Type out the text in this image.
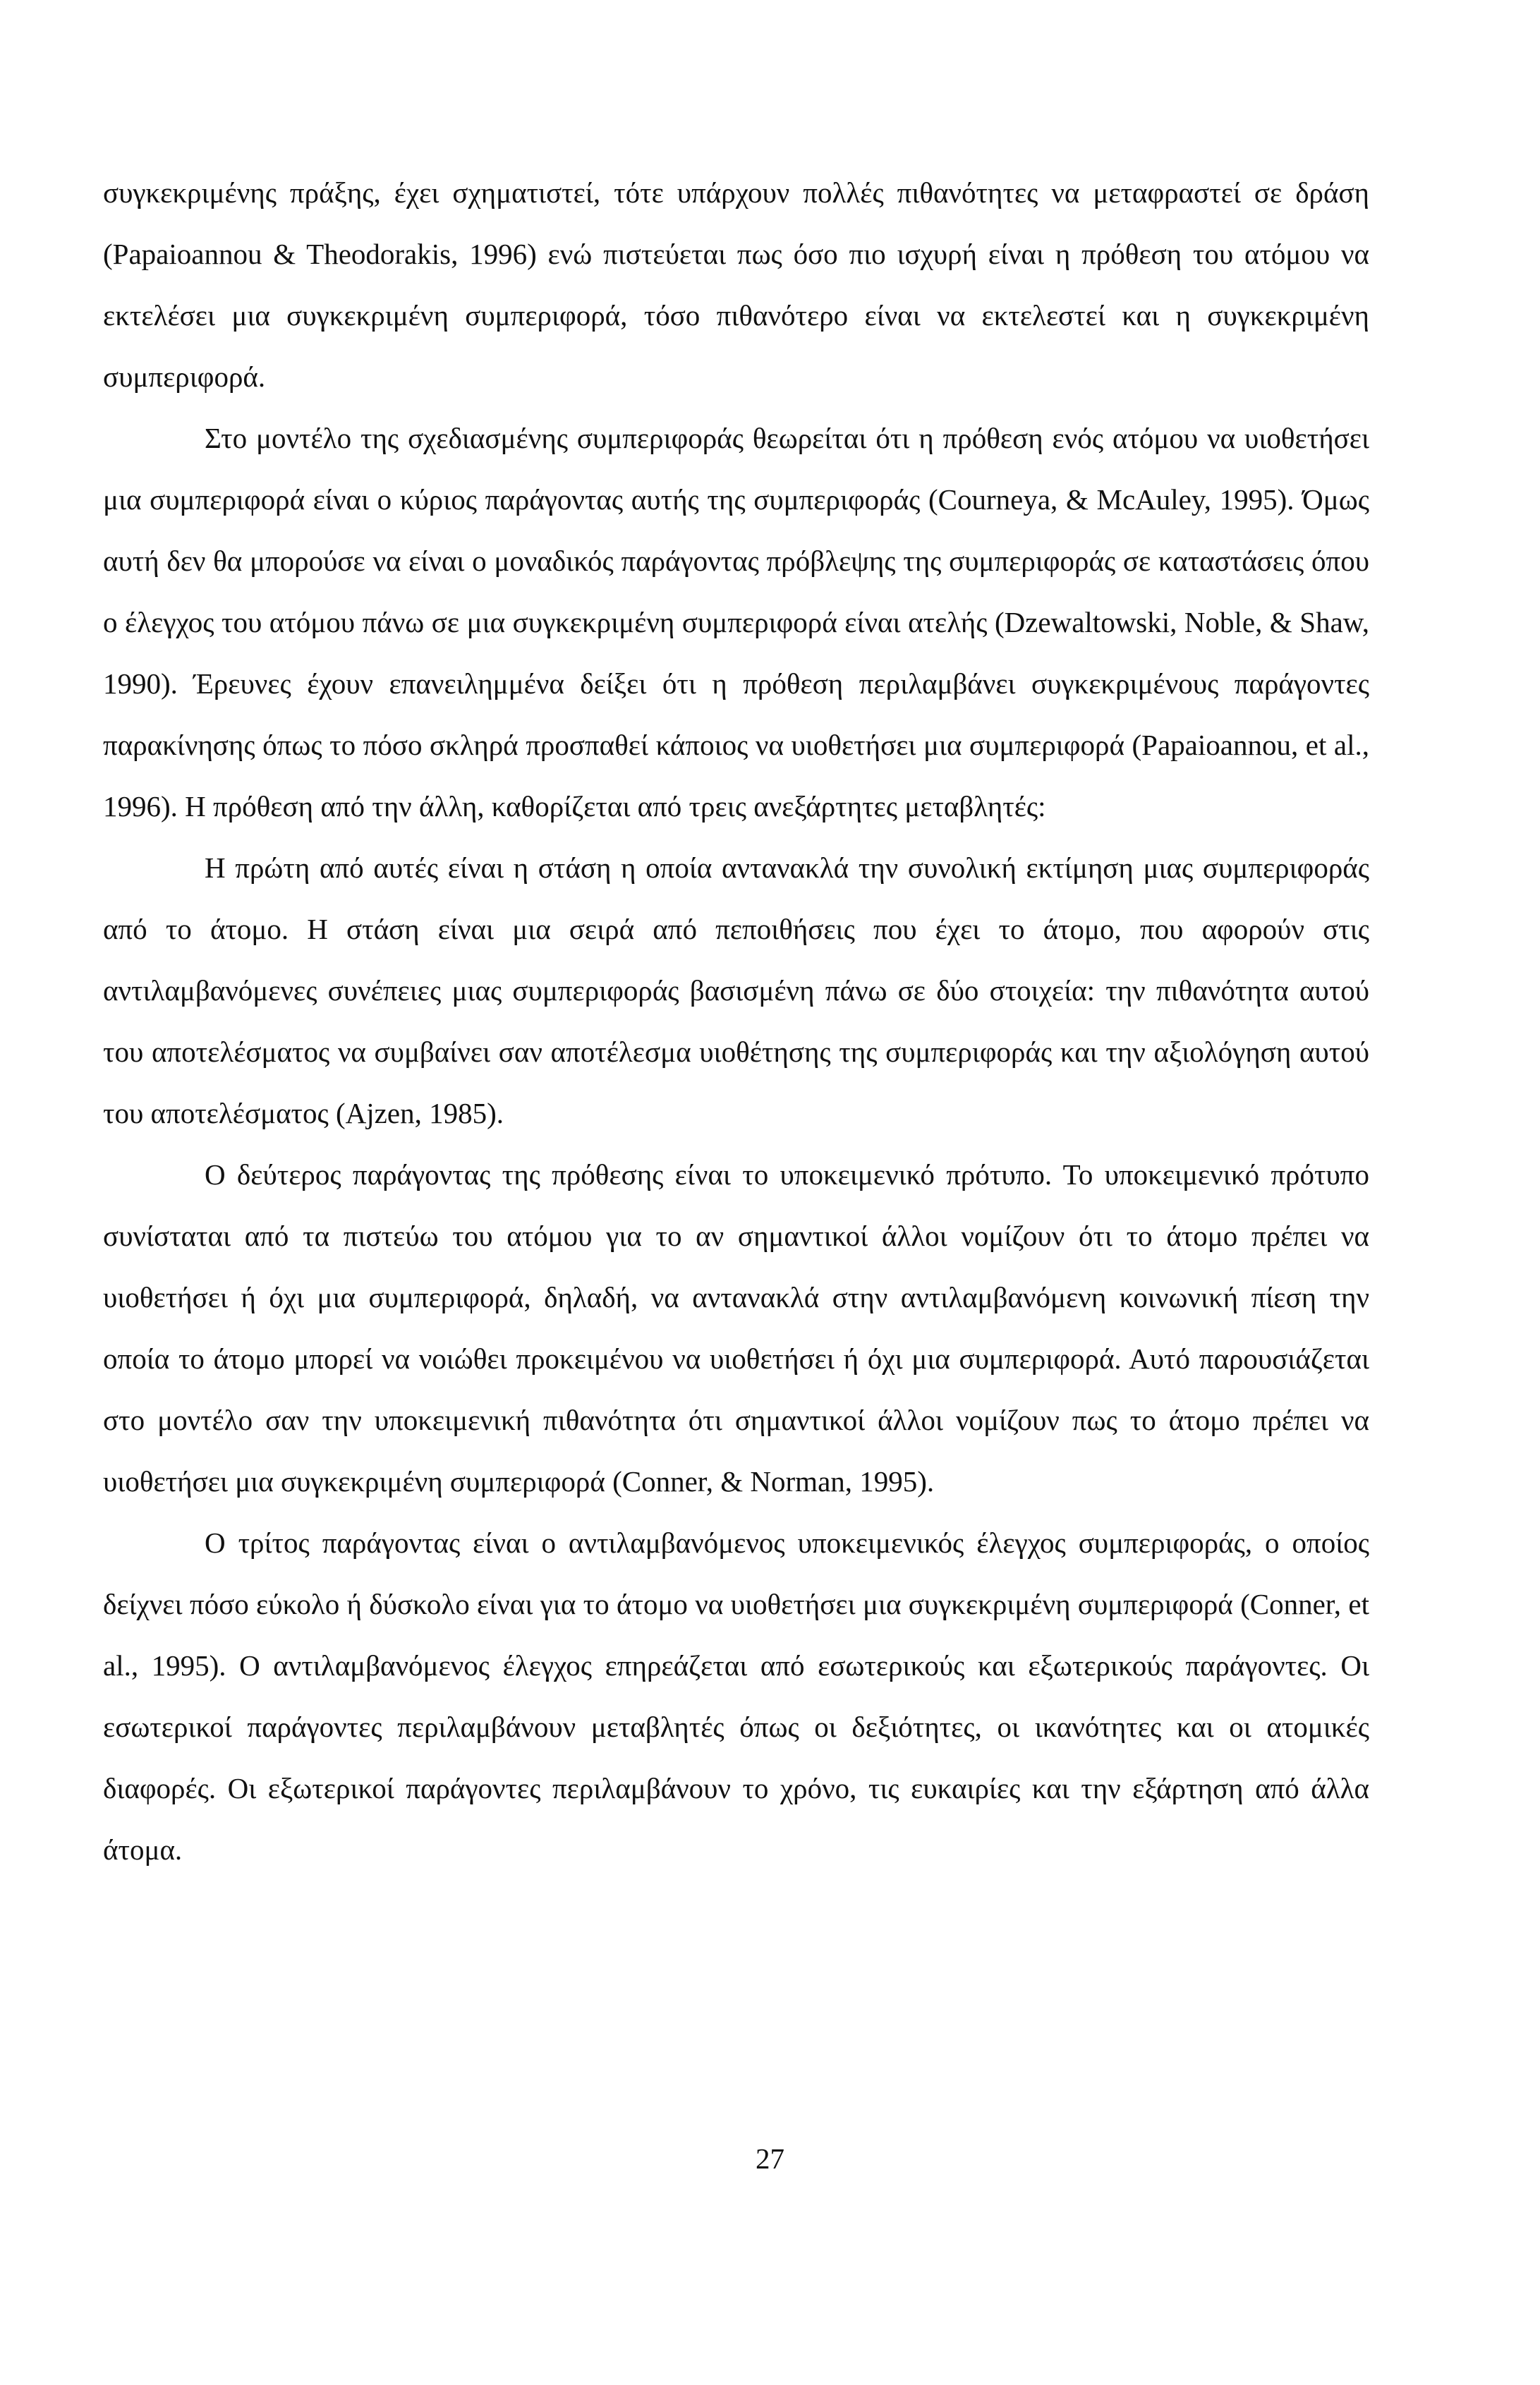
συγκεκριμένης πράξης, έχει σχηματιστεί, τότε υπάρχουν πολλές πιθανότητες να μεταφραστεί σε δράση (Papaioannou & Theodorakis, 1996) ενώ πιστεύεται πως όσο πιο ισχυρή είναι η πρόθεση του ατόμου να εκτελέσει μια συγκεκριμένη συμπεριφορά, τόσο πιθανότερο είναι να εκτελεστεί και η συγκεκριμένη συμπεριφορά.

Στο μοντέλο της σχεδιασμένης συμπεριφοράς θεωρείται ότι η πρόθεση ενός ατόμου να υιοθετήσει μια συμπεριφορά είναι ο κύριος παράγοντας αυτής της συμπεριφοράς (Courneya, & McAuley, 1995). Όμως αυτή δεν θα μπορούσε να είναι ο μοναδικός παράγοντας πρόβλεψης της συμπεριφοράς σε καταστάσεις όπου ο έλεγχος του ατόμου πάνω σε μια συγκεκριμένη συμπεριφορά είναι ατελής (Dzewaltowski, Noble, & Shaw, 1990). Έρευνες έχουν επανειλημμένα δείξει ότι η πρόθεση περιλαμβάνει συγκεκριμένους παράγοντες παρακίνησης όπως το πόσο σκληρά προσπαθεί κάποιος να υιοθετήσει μια συμπεριφορά (Papaioannou, et al., 1996). Η πρόθεση από την άλλη, καθορίζεται από τρεις ανεξάρτητες μεταβλητές:

Η πρώτη από αυτές είναι η στάση η οποία αντανακλά την συνολική εκτίμηση μιας συμπεριφοράς από το άτομο. Η στάση είναι μια σειρά από πεποιθήσεις που έχει το άτομο, που αφορούν στις αντιλαμβανόμενες συνέπειες μιας συμπεριφοράς βασισμένη πάνω σε δύο στοιχεία: την πιθανότητα αυτού του αποτελέσματος να συμβαίνει σαν αποτέλεσμα υιοθέτησης της συμπεριφοράς και την αξιολόγηση αυτού του αποτελέσματος (Ajzen, 1985).

Ο δεύτερος παράγοντας της πρόθεσης είναι το υποκειμενικό πρότυπο. Το υποκειμενικό πρότυπο συνίσταται από τα πιστεύω του ατόμου για το αν σημαντικοί άλλοι νομίζουν ότι το άτομο πρέπει να υιοθετήσει ή όχι μια συμπεριφορά, δηλαδή, να αντανακλά στην αντιλαμβανόμενη κοινωνική πίεση την οποία το άτομο μπορεί να νοιώθει προκειμένου να υιοθετήσει ή όχι μια συμπεριφορά. Αυτό παρουσιάζεται στο μοντέλο σαν την υποκειμενική πιθανότητα ότι σημαντικοί άλλοι νομίζουν πως το άτομο πρέπει να υιοθετήσει μια συγκεκριμένη συμπεριφορά (Conner, & Norman, 1995).

Ο τρίτος παράγοντας είναι ο αντιλαμβανόμενος υποκειμενικός έλεγχος συμπεριφοράς, ο οποίος δείχνει πόσο εύκολο ή δύσκολο είναι για το άτομο να υιοθετήσει μια συγκεκριμένη συμπεριφορά (Conner, et al., 1995). Ο αντιλαμβανόμενος έλεγχος επηρεάζεται από εσωτερικούς και εξωτερικούς παράγοντες. Οι εσωτερικοί παράγοντες περιλαμβάνουν μεταβλητές όπως οι δεξιότητες, οι ικανότητες και οι ατομικές διαφορές. Οι εξωτερικοί παράγοντες περιλαμβάνουν το χρόνο, τις ευκαιρίες και την εξάρτηση από άλλα άτομα.

27
